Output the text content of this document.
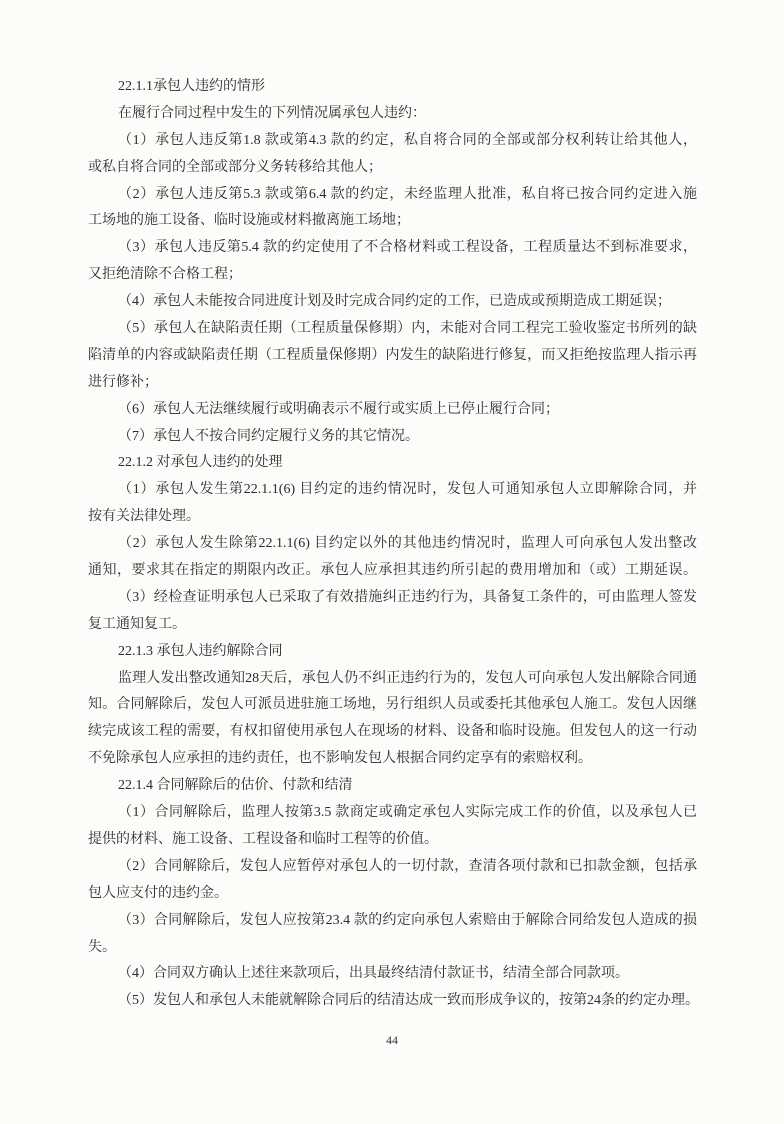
22.1.1承包人违约的情形
在履行合同过程中发生的下列情况属承包人违约：
（1）承包人违反第1.8 款或第4.3 款的约定，私自将合同的全部或部分权利转让给其他人，
或私自将合同的全部或部分义务转移给其他人；
（2）承包人违反第5.3 款或第6.4 款的约定，未经监理人批准，私自将已按合同约定进入施
工场地的施工设备、临时设施或材料撤离施工场地；
（3）承包人违反第5.4 款的约定使用了不合格材料或工程设备，工程质量达不到标准要求，
又拒绝清除不合格工程；
（4）承包人未能按合同进度计划及时完成合同约定的工作，已造成或预期造成工期延误；
（5）承包人在缺陷责任期（工程质量保修期）内，未能对合同工程完工验收鉴定书所列的缺
陷清单的内容或缺陷责任期（工程质量保修期）内发生的缺陷进行修复，而又拒绝按监理人指示再
进行修补；
（6）承包人无法继续履行或明确表示不履行或实质上已停止履行合同；
（7）承包人不按合同约定履行义务的其它情况。
22.1.2 对承包人违约的处理
（1）承包人发生第22.1.1(6) 目约定的违约情况时，发包人可通知承包人立即解除合同，并
按有关法律处理。
（2）承包人发生除第22.1.1(6) 目约定以外的其他违约情况时，监理人可向承包人发出整改
通知，要求其在指定的期限内改正。承包人应承担其违约所引起的费用增加和（或）工期延误。
（3）经检查证明承包人已采取了有效措施纠正违约行为，具备复工条件的，可由监理人签发
复工通知复工。
22.1.3 承包人违约解除合同
监理人发出整改通知28天后，承包人仍不纠正违约行为的，发包人可向承包人发出解除合同通
知。合同解除后，发包人可派员进驻施工场地，另行组织人员或委托其他承包人施工。发包人因继
续完成该工程的需要，有权扣留使用承包人在现场的材料、设备和临时设施。但发包人的这一行动
不免除承包人应承担的违约责任，也不影响发包人根据合同约定享有的索赔权利。
22.1.4 合同解除后的估价、付款和结清
（1）合同解除后，监理人按第3.5 款商定或确定承包人实际完成工作的价值，以及承包人已
提供的材料、施工设备、工程设备和临时工程等的价值。
（2）合同解除后，发包人应暂停对承包人的一切付款，查清各项付款和已扣款金额，包括承
包人应支付的违约金。
（3）合同解除后，发包人应按第23.4 款的约定向承包人索赔由于解除合同给发包人造成的损
失。
（4）合同双方确认上述往来款项后，出具最终结清付款证书，结清全部合同款项。
（5）发包人和承包人未能就解除合同后的结清达成一致而形成争议的，按第24条的约定办理。
44
